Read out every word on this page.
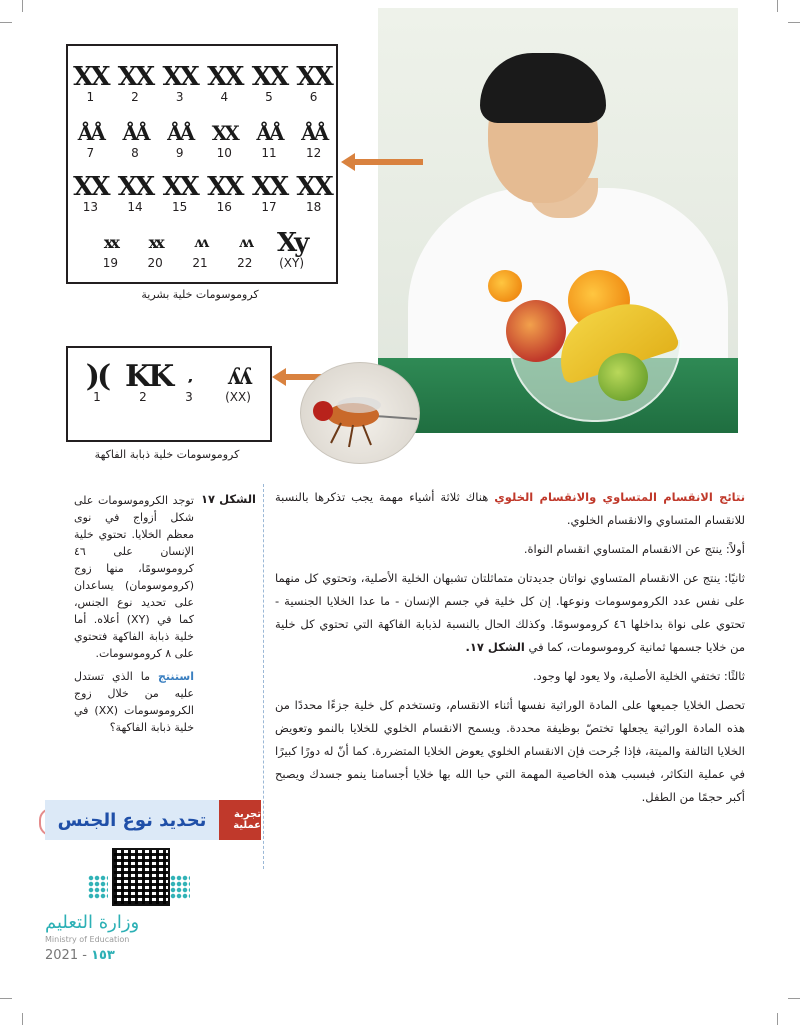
XX
1
XX
2
XX
3
XX
4
XX
5
XX
6
ÅÅ
7
ÅÅ
8
ÅÅ
9
XX
10
ÅÅ
11
ÅÅ
12
XX
13
XX
14
XX
15
XX
16
XX
17
XX
18
xx
19
xx
20
ʌʌ
21
ʌʌ
22
Xy
(XY)
كروموسومات خلية بشرية
)(
1
KK
2
,,
3
ʎʎ
(XX)
كروموسومات خلية ذبابة الفاكهة
الشكل ١٧

توجد الكروموسومات على شكل أزواج في نوى معظم الخلايا. تحتوي خلية الإنسان على ٤٦ كروموسومًا، منها زوج (كروموسومان) يساعدان على تحديد نوع الجنس، كما في (XY) أعلاه. أما خلية ذبابة الفاكهة فتحتوي على ٨ كروموسومات.

استنتج ما الذي تستدل عليه من خلال زوج الكروموسومات (XX) في خلية ذبابة الفاكهة؟

نتائج الانقسام المتساوي والانقسام الخلوي هناك ثلاثة أشياء مهمة يجب تذكرها بالنسبة للانقسام المتساوي والانقسام الخلوي.

أولاً: ينتج عن الانقسام المتساوي انقسام النواة.

ثانيًا: ينتج عن الانقسام المتساوي نواتان جديدتان متماثلتان تشبهان الخلية الأصلية، وتحتوي كل منهما على نفس عدد الكروموسومات ونوعها. إن كل خلية في جسم الإنسان - ما عدا الخلايا الجنسية - تحتوي على نواة بداخلها ٤٦ كروموسومًا. وكذلك الحال بالنسبة لذبابة الفاكهة التي تحتوي كل خلية من خلايا جسمها ثمانية كروموسومات، كما في الشكل ١٧.

ثالثًا: تختفي الخلية الأصلية، ولا يعود لها وجود.

تحصل الخلايا جميعها على المادة الوراثية نفسها أثناء الانقسام، وتستخدم كل خلية جزءًا محددًا من هذه المادة الوراثية يجعلها تختصّ بوظيفة محددة. ويسمح الانقسام الخلوي للخلايا بالنمو وتعويض الخلايا التالفة والميتة، فإذا جُرحت فإن الانقسام الخلوي يعوض الخلايا المتضررة. كما أنّ له دورًا كبيرًا في عملية التكاثر، فبسبب هذه الخاصية المهمة التي حبا الله بها خلايا أجسامنا ينمو جسدك ويصبح أكبر حجمًا من الطفل.

تجربة عملية
تحديد نوع الجنس
وزارة التعليم
Ministry of Education
2021 - ١٥٣
